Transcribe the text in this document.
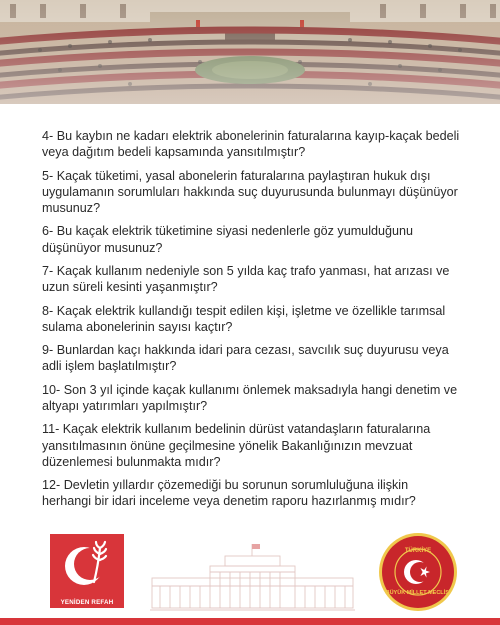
4- Bu kaybın ne kadarı elektrik abonelerinin faturalarına kayıp-kaçak bedeli veya dağıtım bedeli kapsamında yansıtılmıştır?

5- Kaçak tüketimi, yasal abonelerin faturalarına paylaştıran hukuk dışı uygulamanın sorumluları hakkında suç duyurusunda bulunmayı düşünüyor musunuz?

6- Bu kaçak elektrik tüketimine siyasi nedenlerle göz yumulduğunu düşünüyor musunuz?

7- Kaçak kullanım nedeniyle son 5 yılda kaç trafo yanması, hat arızası ve uzun süreli kesinti yaşanmıştır?

8- Kaçak elektrik kullandığı tespit edilen kişi, işletme ve özellikle tarımsal sulama abonelerinin sayısı kaçtır?

9- Bunlardan kaçı hakkında idari para cezası, savcılık suç duyurusu veya adli işlem başlatılmıştır?

10- Son 3 yıl içinde kaçak kullanımı önlemek maksadıyla hangi denetim ve altyapı yatırımları yapılmıştır?

11- Kaçak elektrik kullanım bedelinin dürüst vatandaşların faturalarına yansıtılmasının önüne geçilmesine yönelik Bakanlığınızın mevzuat düzenlemesi bulunmakta mıdır?

12- Devletin yıllardır çözemediği bu sorunun sorumluluğuna ilişkin herhangi bir idari inceleme veya denetim raporu hazırlanmış mıdır?

YENİDEN REFAH
TÜRKİYE
BÜYÜK MİLLET MECLİSİ
